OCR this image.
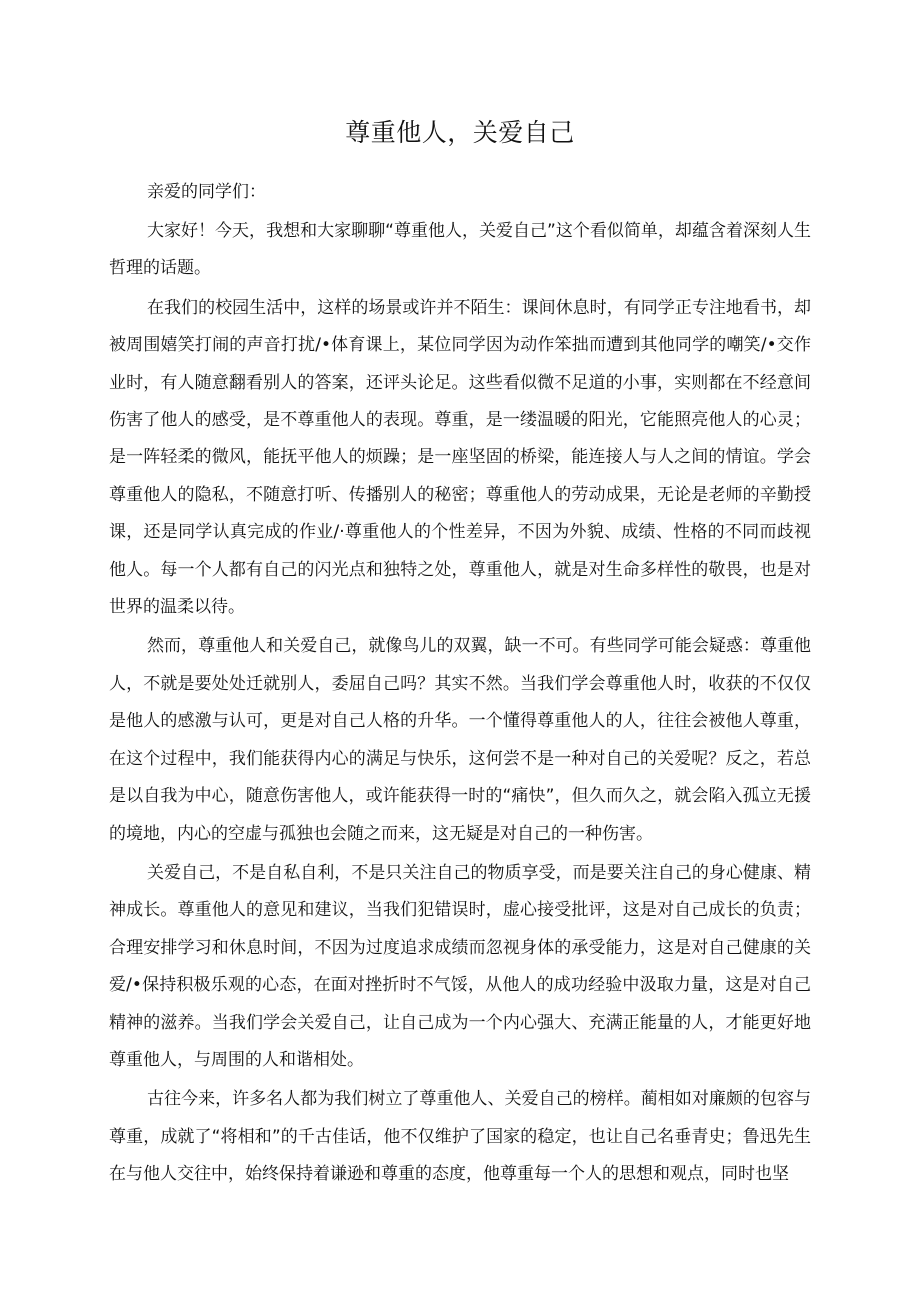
尊重他人，关爱自己

亲爱的同学们：

大家好！今天，我想和大家聊聊“尊重他人，关爱自己”这个看似简单，却蕴含着深刻人生哲理的话题。

在我们的校园生活中，这样的场景或许并不陌生：课间休息时，有同学正专注地看书，却被周围嬉笑打闹的声音打扰/•体育课上，某位同学因为动作笨拙而遭到其他同学的嘲笑/•交作业时，有人随意翻看别人的答案，还评头论足。这些看似微不足道的小事，实则都在不经意间伤害了他人的感受，是不尊重他人的表现。尊重，是一缕温暖的阳光，它能照亮他人的心灵；是一阵轻柔的微风，能抚平他人的烦躁；是一座坚固的桥梁，能连接人与人之间的情谊。学会尊重他人的隐私，不随意打听、传播别人的秘密；尊重他人的劳动成果，无论是老师的辛勤授课，还是同学认真完成的作业/·尊重他人的个性差异，不因为外貌、成绩、性格的不同而歧视他人。每一个人都有自己的闪光点和独特之处，尊重他人，就是对生命多样性的敬畏，也是对世界的温柔以待。

然而，尊重他人和关爱自己，就像鸟儿的双翼，缺一不可。有些同学可能会疑惑：尊重他人，不就是要处处迁就别人，委屈自己吗？其实不然。当我们学会尊重他人时，收获的不仅仅是他人的感激与认可，更是对自己人格的升华。一个懂得尊重他人的人，往往会被他人尊重，在这个过程中，我们能获得内心的满足与快乐，这何尝不是一种对自己的关爱呢？反之，若总是以自我为中心，随意伤害他人，或许能获得一时的“痛快”，但久而久之，就会陷入孤立无援的境地，内心的空虚与孤独也会随之而来，这无疑是对自己的一种伤害。

关爱自己，不是自私自利，不是只关注自己的物质享受，而是要关注自己的身心健康、精神成长。尊重他人的意见和建议，当我们犯错误时，虚心接受批评，这是对自己成长的负责；合理安排学习和休息时间，不因为过度追求成绩而忽视身体的承受能力，这是对自己健康的关爱/•保持积极乐观的心态，在面对挫折时不气馁，从他人的成功经验中汲取力量，这是对自己精神的滋养。当我们学会关爱自己，让自己成为一个内心强大、充满正能量的人，才能更好地尊重他人，与周围的人和谐相处。

古往今来，许多名人都为我们树立了尊重他人、关爱自己的榜样。蔺相如对廉颇的包容与尊重，成就了“将相和”的千古佳话，他不仅维护了国家的稳定，也让自己名垂青史；鲁迅先生在与他人交往中，始终保持着谦逊和尊重的态度，他尊重每一个人的思想和观点，同时也坚
